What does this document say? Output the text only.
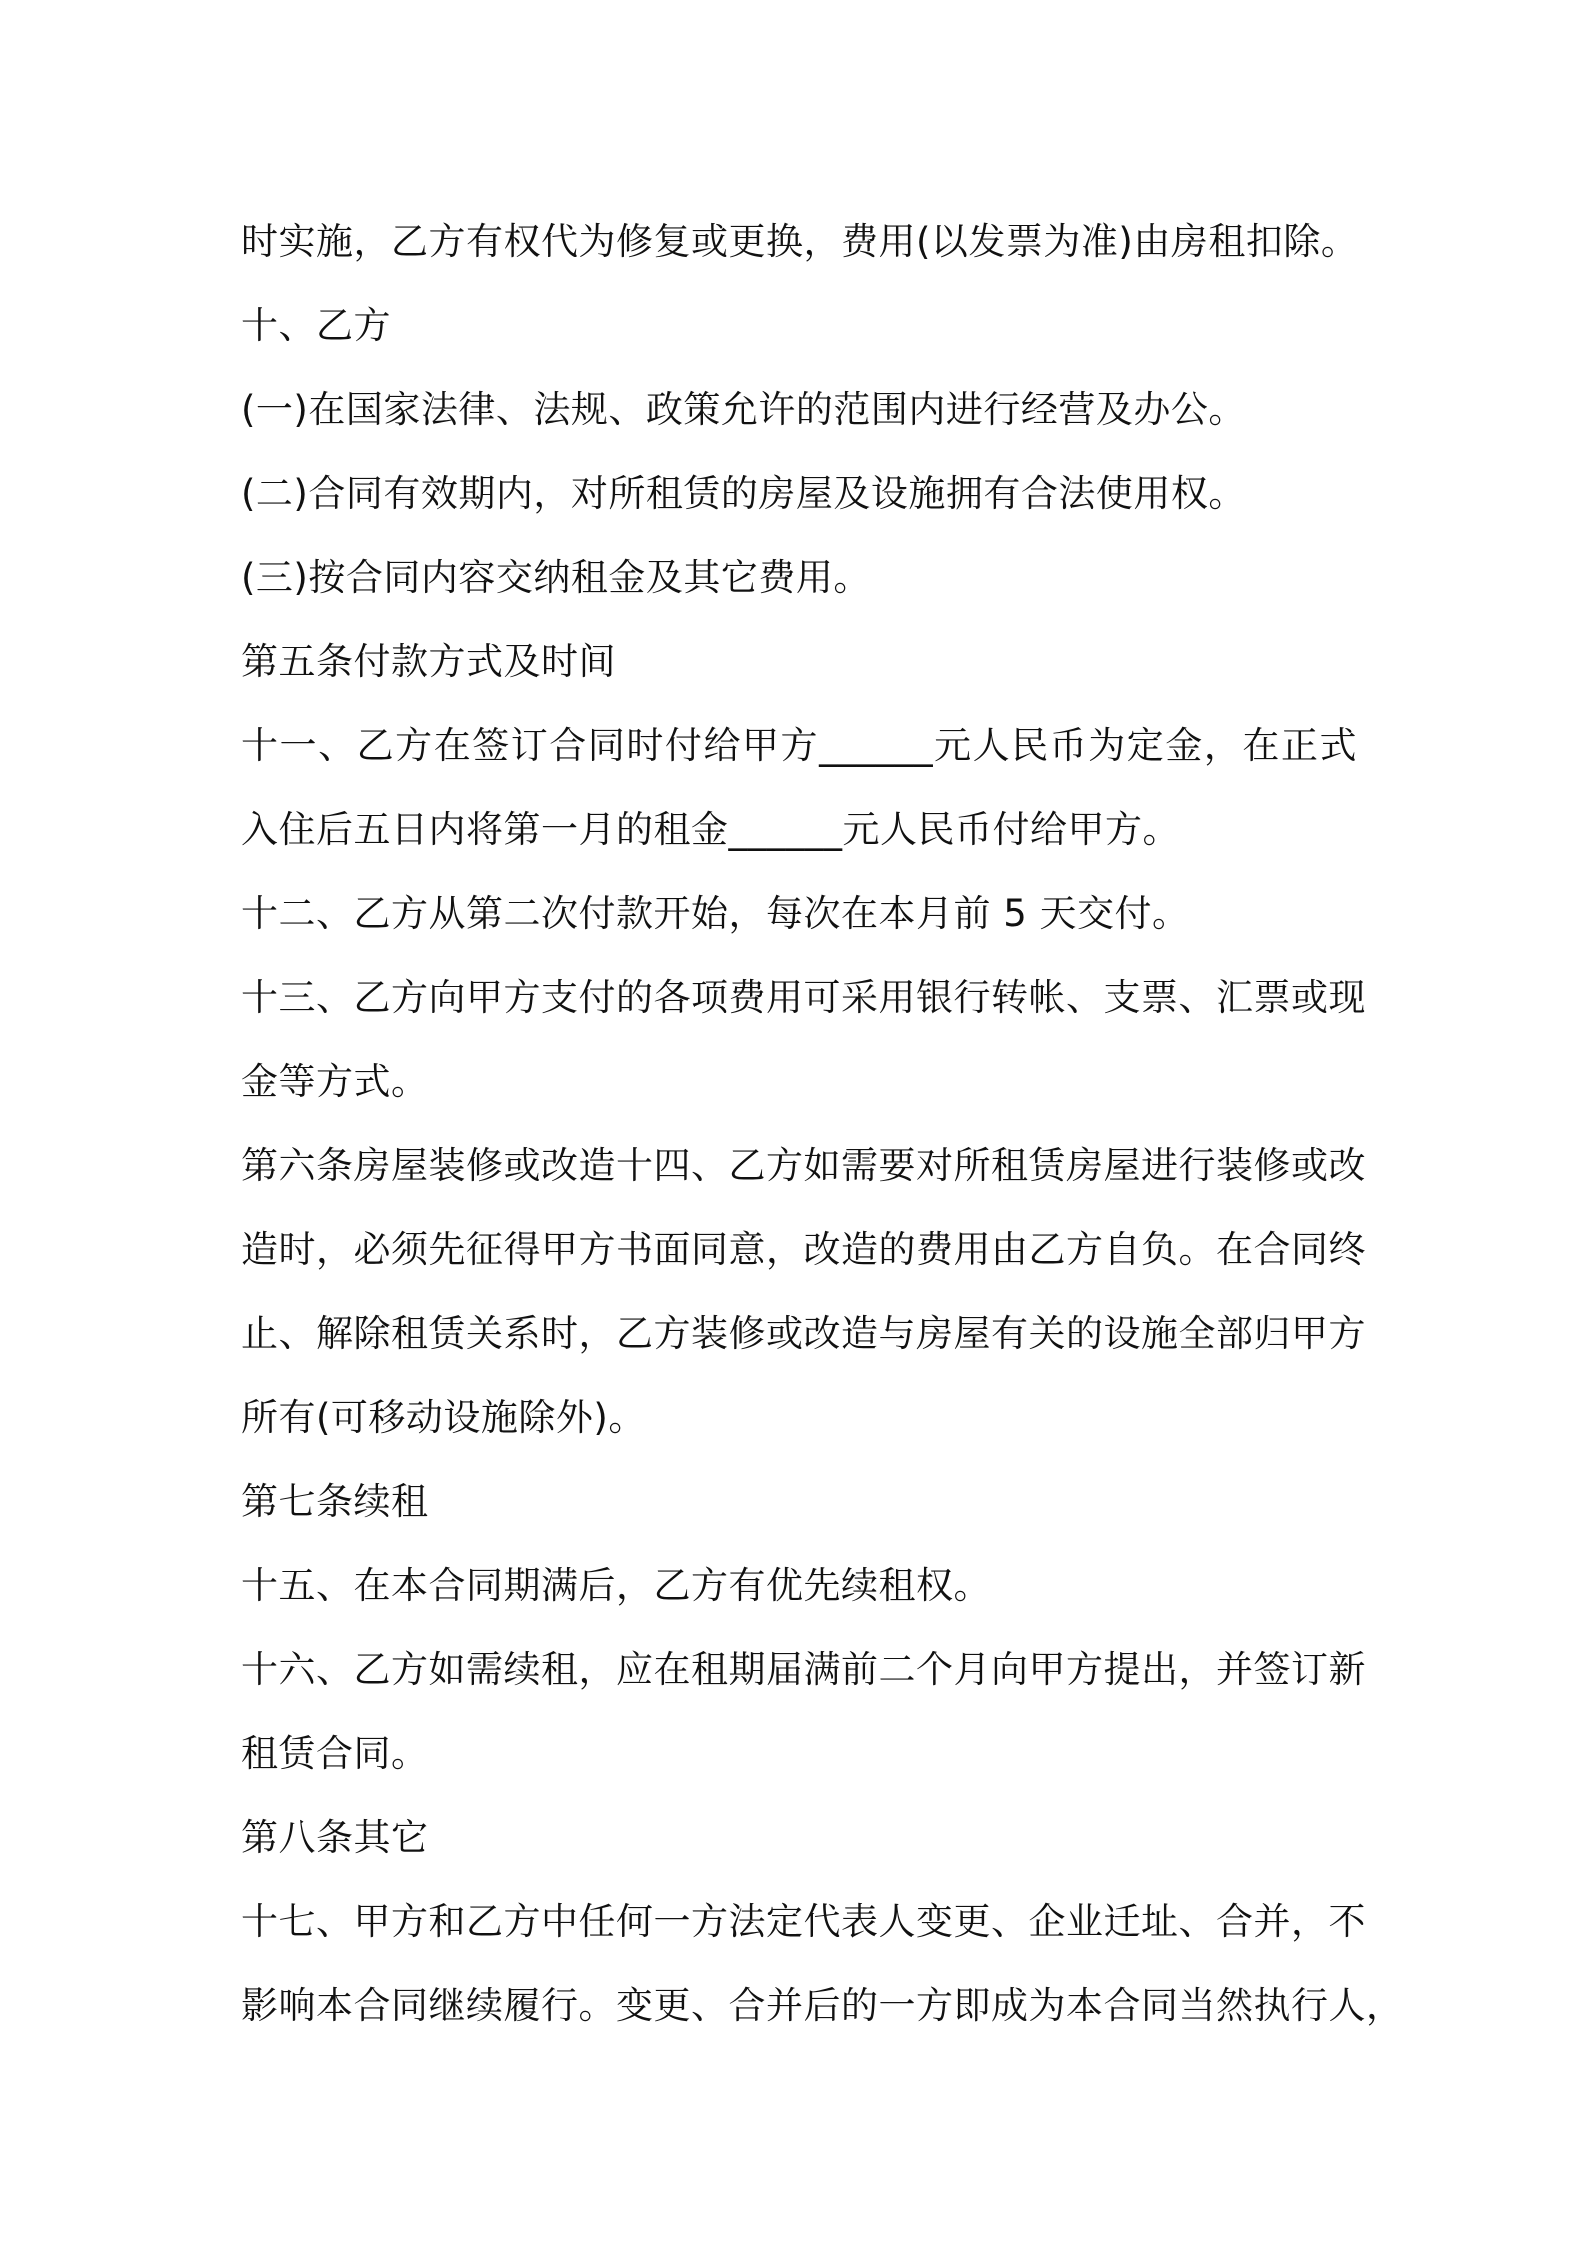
时实施，乙方有权代为修复或更换，费用(以发票为准)由房租扣除。
十、乙方
(一)在国家法律、法规、政策允许的范围内进行经营及办公。
(二)合同有效期内，对所租赁的房屋及设施拥有合法使用权。
(三)按合同内容交纳租金及其它费用。
第五条付款方式及时间
十一、乙方在签订合同时付给甲方______元人民币为定金，在正式
入住后五日内将第一月的租金______元人民币付给甲方。
十二、乙方从第二次付款开始，每次在本月前 5 天交付。
十三、乙方向甲方支付的各项费用可采用银行转帐、支票、汇票或现
金等方式。
第六条房屋装修或改造十四、乙方如需要对所租赁房屋进行装修或改
造时，必须先征得甲方书面同意，改造的费用由乙方自负。在合同终
止、解除租赁关系时，乙方装修或改造与房屋有关的设施全部归甲方
所有(可移动设施除外)。
第七条续租
十五、在本合同期满后，乙方有优先续租权。
十六、乙方如需续租，应在租期届满前二个月向甲方提出，并签订新
租赁合同。
第八条其它
十七、甲方和乙方中任何一方法定代表人变更、企业迁址、合并，不
影响本合同继续履行。变更、合并后的一方即成为本合同当然执行人，
